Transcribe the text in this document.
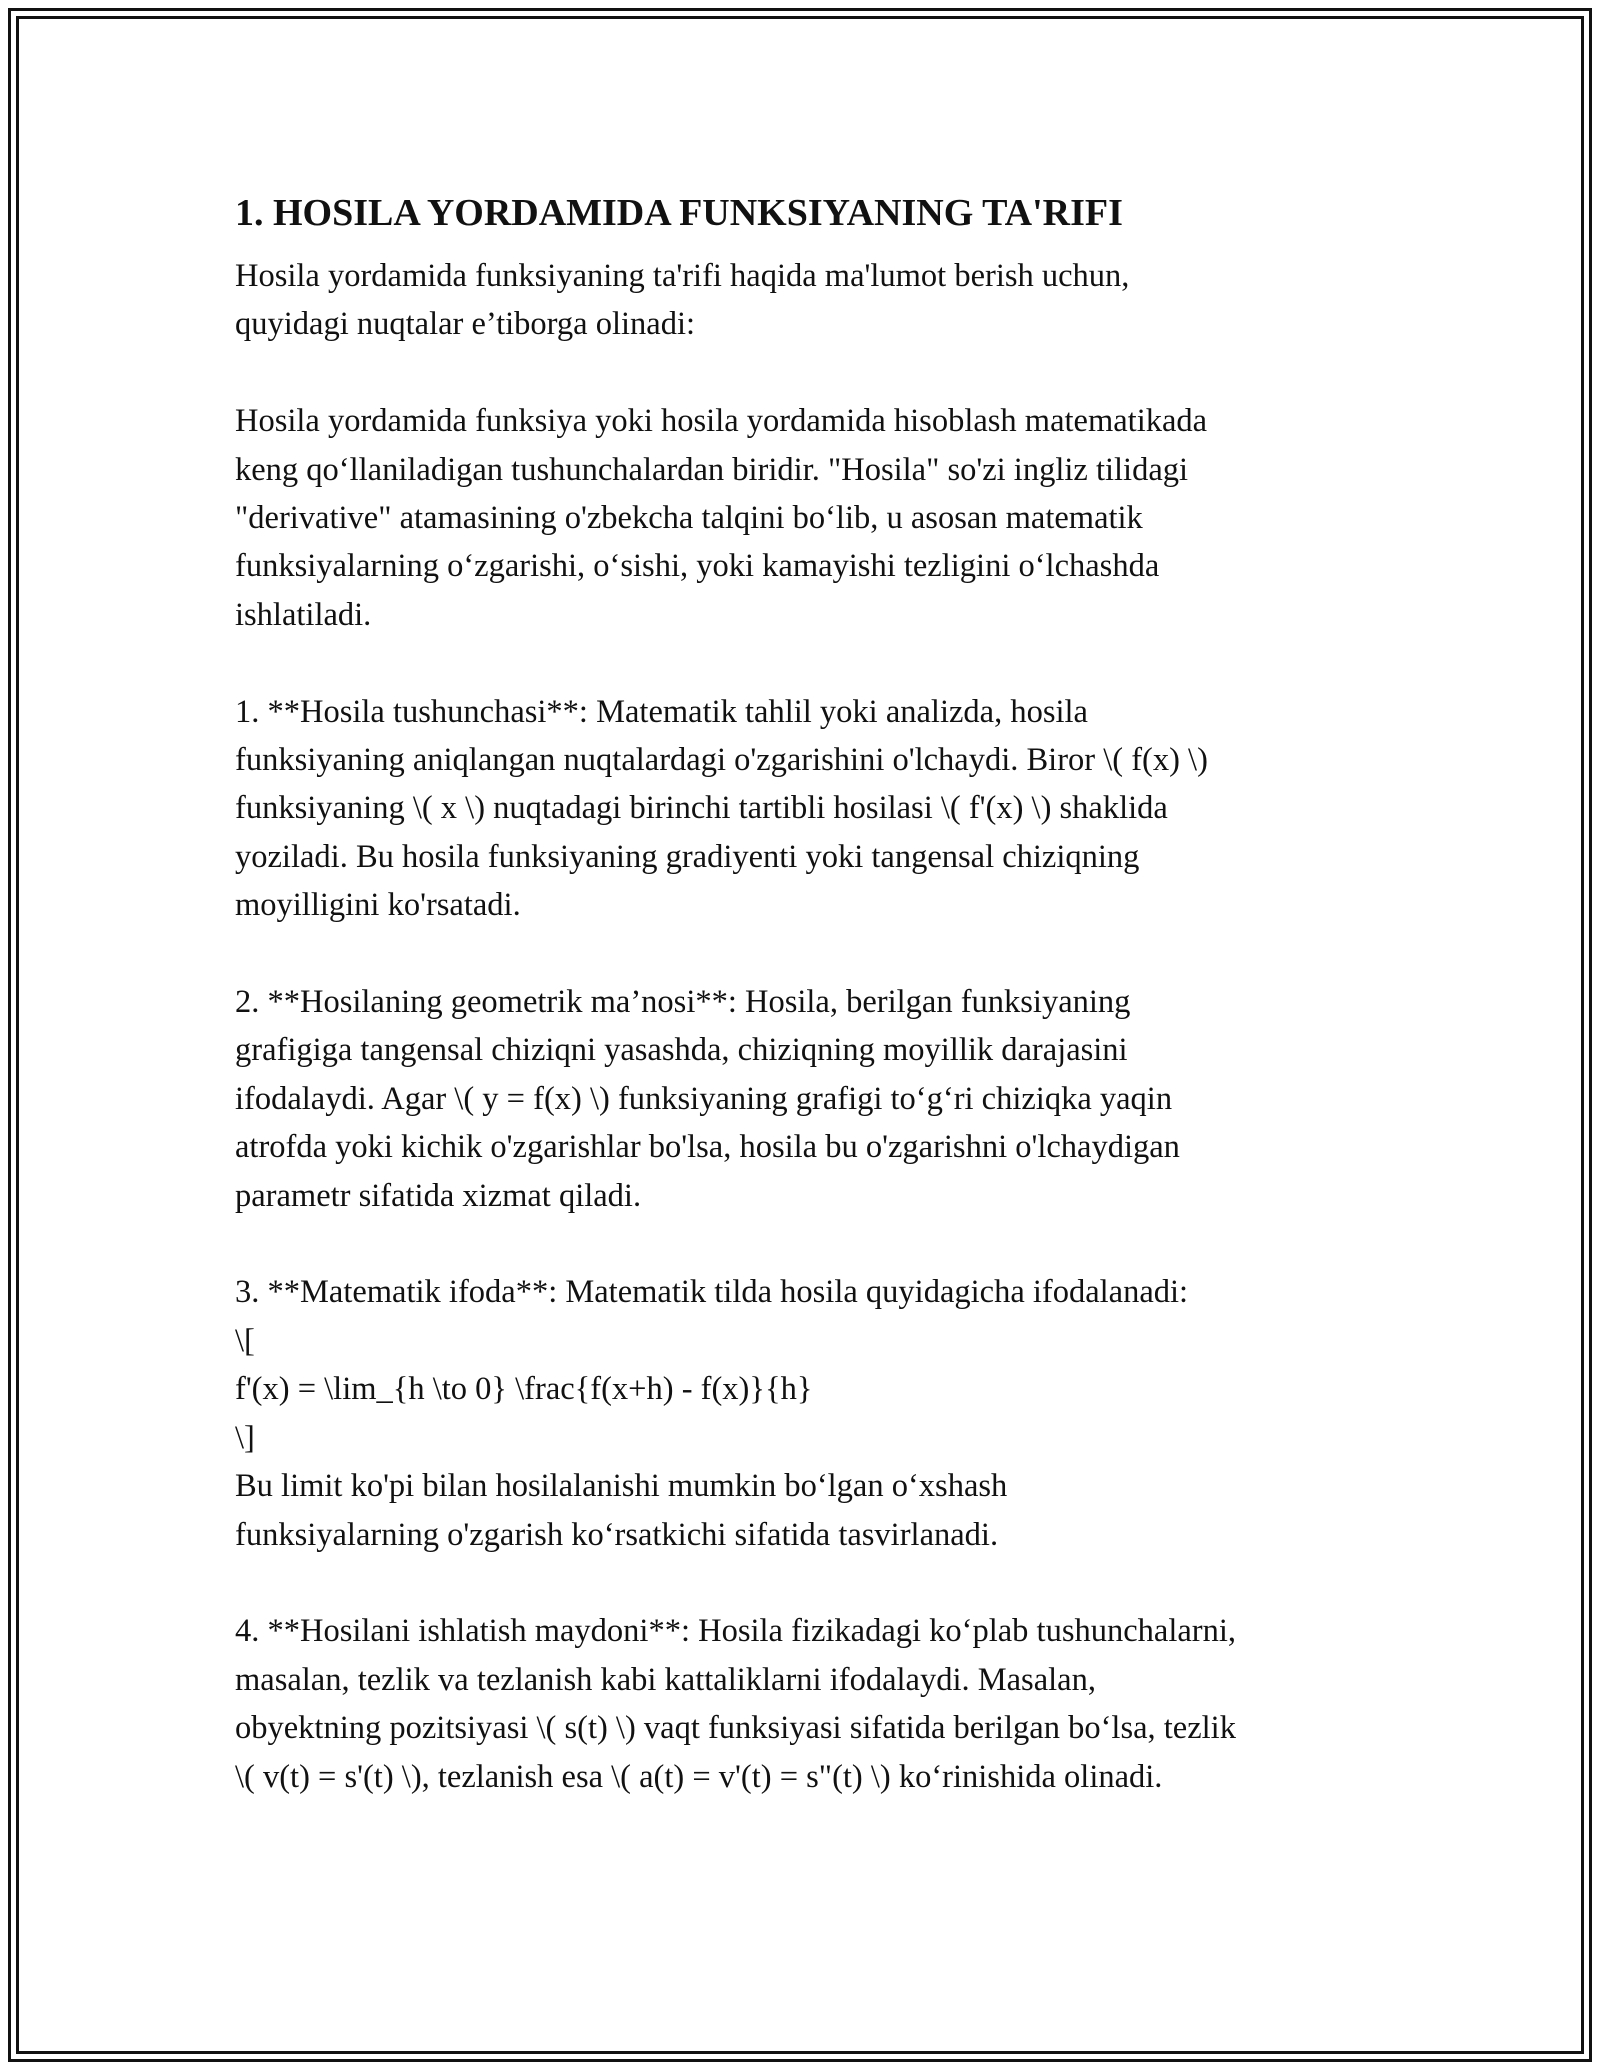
1. HOSILA YORDAMIDA FUNKSIYANING TA'RIFI

Hosila yordamida funksiyaning ta'rifi haqida ma'lumot berish uchun,
quyidagi nuqtalar e’tiborga olinadi:

Hosila yordamida funksiya yoki hosila yordamida hisoblash matematikada
keng qo‘llaniladigan tushunchalardan biridir. "Hosila" so'zi ingliz tilidagi
"derivative" atamasining o'zbekcha talqini bo‘lib, u asosan matematik
funksiyalarning o‘zgarishi, o‘sishi, yoki kamayishi tezligini o‘lchashda
ishlatiladi.

1. **Hosila tushunchasi**: Matematik tahlil yoki analizda, hosila
funksiyaning aniqlangan nuqtalardagi o'zgarishini o'lchaydi. Biror \( f(x) \)
funksiyaning \( x \) nuqtadagi birinchi tartibli hosilasi \( f'(x) \) shaklida
yoziladi. Bu hosila funksiyaning gradiyenti yoki tangensal chiziqning
moyilligini ko'rsatadi.

2. **Hosilaning geometrik ma’nosi**: Hosila, berilgan funksiyaning
grafigiga tangensal chiziqni yasashda, chiziqning moyillik darajasini
ifodalaydi. Agar \( y = f(x) \) funksiyaning grafigi to‘g‘ri chiziqka yaqin
atrofda yoki kichik o'zgarishlar bo'lsa, hosila bu o'zgarishni o'lchaydigan
parametr sifatida xizmat qiladi.

3. **Matematik ifoda**: Matematik tilda hosila quyidagicha ifodalanadi:
\[
f'(x) = \lim_{h \to 0} \frac{f(x+h) - f(x)}{h}
\]
Bu limit ko'pi bilan hosilalanishi mumkin bo‘lgan o‘xshash
funksiyalarning o'zgarish ko‘rsatkichi sifatida tasvirlanadi.

4. **Hosilani ishlatish maydoni**: Hosila fizikadagi ko‘plab tushunchalarni,
masalan, tezlik va tezlanish kabi kattaliklarni ifodalaydi. Masalan,
obyektning pozitsiyasi \( s(t) \) vaqt funksiyasi sifatida berilgan bo‘lsa, tezlik
\( v(t) = s'(t) \), tezlanish esa \( a(t) = v'(t) = s"(t) \) ko‘rinishida olinadi.
